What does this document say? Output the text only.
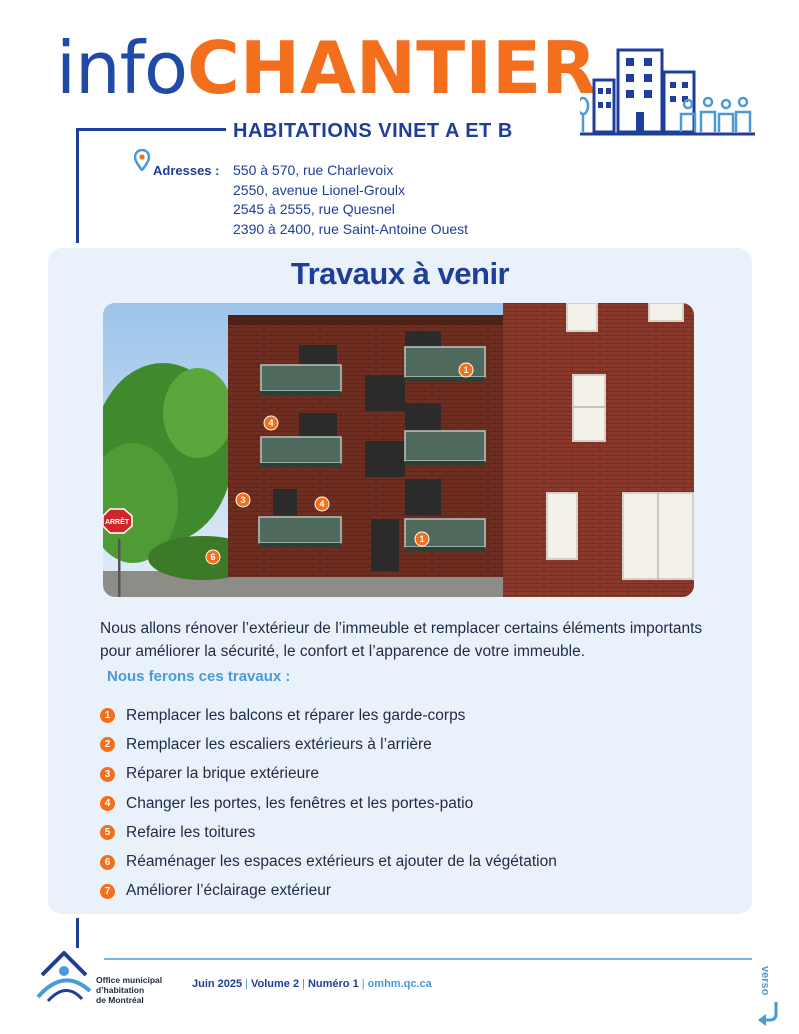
infoCHANTIER
HABITATIONS VINET A ET B
Adresses : 550 à 570, rue Charlevoix
2550, avenue Lionel-Groulx
2545 à 2555, rue Quesnel
2390 à 2400, rue Saint-Antoine Ouest
Travaux à venir
ARRÊT
1
1
4
4
3
6
Nous allons rénover l’extérieur de l’immeuble et remplacer certains éléments importants pour améliorer la sécurité, le confort et l’apparence de votre immeuble.
Nous ferons ces travaux :
1	Remplacer les balcons et réparer les garde-corps
2	Remplacer les escaliers extérieurs à l’arrière
3	Réparer la brique extérieure
4	Changer les portes, les fenêtres et les portes-patio
5	Refaire les toitures
6	Réaménager les espaces extérieurs et ajouter de la végétation
7	Améliorer l’éclairage extérieur
Office municipal
d’habitation
de Montréal
Juin 2025 | Volume 2 | Numéro 1 | omhm.qc.ca	verso
